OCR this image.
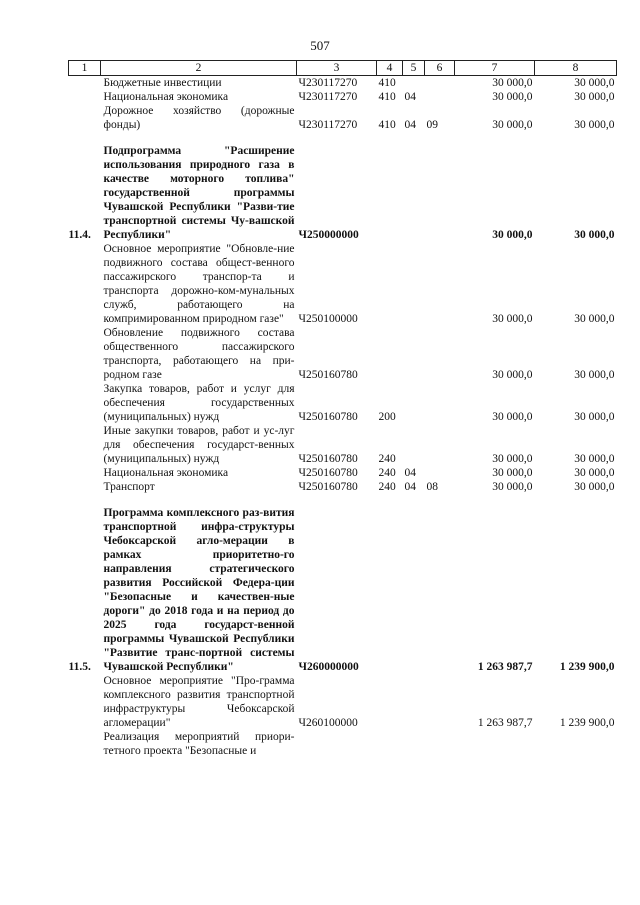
507
1	2	3	4	5	6	7	8
	Бюджетные инвестиции	Ч230117270	410			30 000,0	30 000,0
	Национальная экономика	Ч230117270	410	04		30 000,0	30 000,0
	Дорожное хозяйство (дорожные фонды)	Ч230117270	410	04	09	30 000,0	30 000,0

11.4.	Подпрограмма "Расширение использования природного газа в качестве моторного топлива" государственной программы Чувашской Республики "Разви-тие транспортной системы Чу-вашской Республики"	Ч250000000				30 000,0	30 000,0
	Основное мероприятие "Обновле-ние подвижного состава общест-венного пассажирского транспор-та и транспорта дорожно-ком-мунальных служб, работающего на компримированном природном газе"	Ч250100000				30 000,0	30 000,0
	Обновление подвижного состава общественного пассажирского транспорта, работающего на при-родном газе	Ч250160780				30 000,0	30 000,0
	Закупка товаров, работ и услуг для обеспечения государственных (муниципальных) нужд	Ч250160780	200			30 000,0	30 000,0
	Иные закупки товаров, работ и ус-луг для обеспечения государст-венных (муниципальных) нужд	Ч250160780	240			30 000,0	30 000,0
	Национальная экономика	Ч250160780	240	04		30 000,0	30 000,0
	Транспорт	Ч250160780	240	04	08	30 000,0	30 000,0

11.5.	Программа комплексного раз-вития транспортной инфра-структуры Чебоксарской агло-мерации в рамках приоритетно-го направления стратегического развития Российской Федера-ции "Безопасные и качествен-ные дороги" до 2018 года и на период до 2025 года государст-венной программы Чувашской Республики "Развитие транс-портной системы Чувашской Республики"	Ч260000000				1 263 987,7	1 239 900,0
	Основное мероприятие "Про-грамма комплексного развития транспортной инфраструктуры Чебоксарской агломерации"	Ч260100000				1 263 987,7	1 239 900,0
	Реализация мероприятий приори-тетного проекта "Безопасные и						
